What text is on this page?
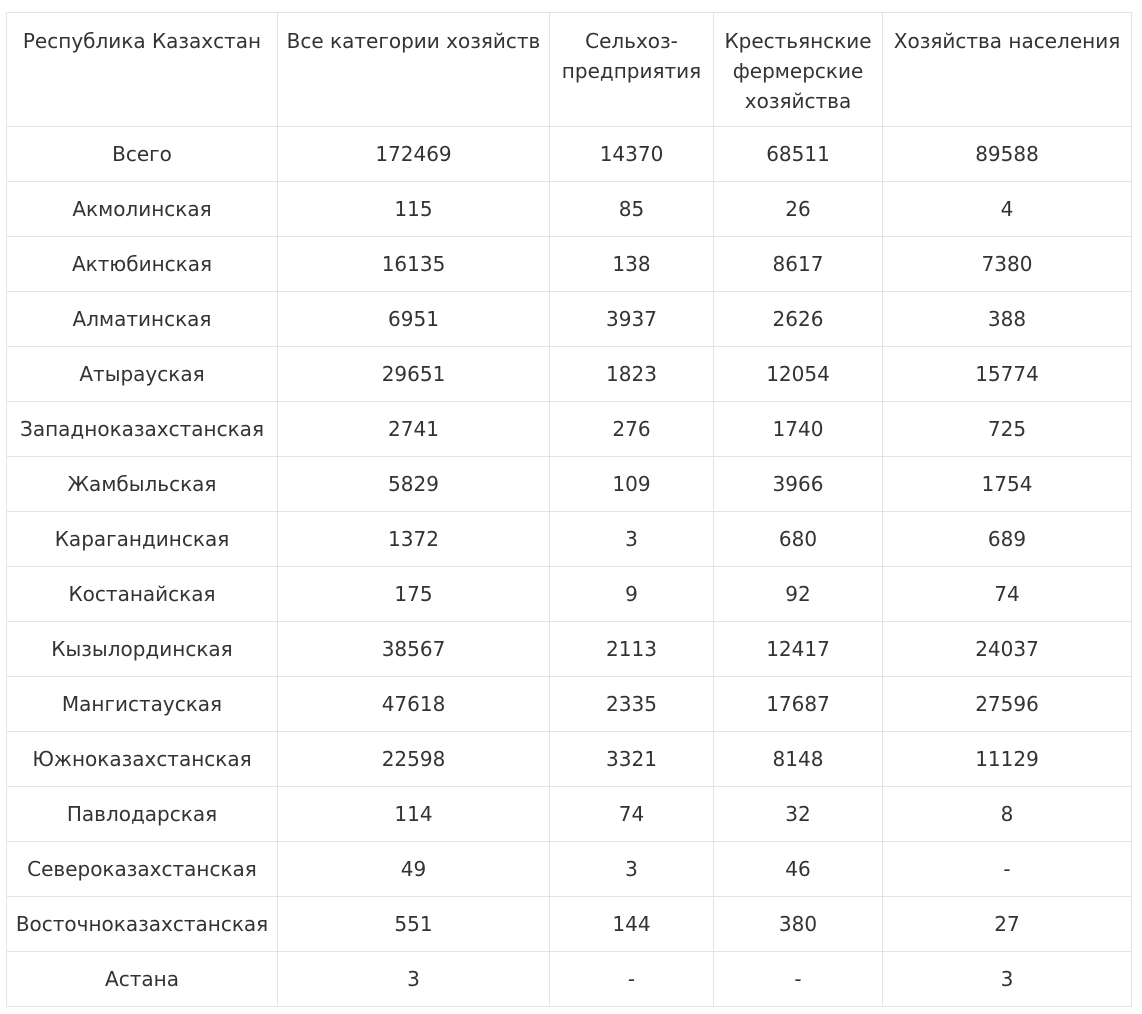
Республика Казахстан	Все категории хозяйств	Сельхоз-предприятия	Крестьянские фермерские хозяйства	Хозяйства населения
Всего	172469	14370	68511	89588
Акмолинская	115	85	26	4
Актюбинская	16135	138	8617	7380
Алматинская	6951	3937	2626	388
Атырауская	29651	1823	12054	15774
Западноказахстанская	2741	276	1740	725
Жамбыльская	5829	109	3966	1754
Карагандинская	1372	3	680	689
Костанайская	175	9	92	74
Кызылординская	38567	2113	12417	24037
Мангистауская	47618	2335	17687	27596
Южноказахстанская	22598	3321	8148	11129
Павлодарская	114	74	32	8
Североказахстанская	49	3	46	-
Восточноказахстанская	551	144	380	27
Астана	3	-	-	3
